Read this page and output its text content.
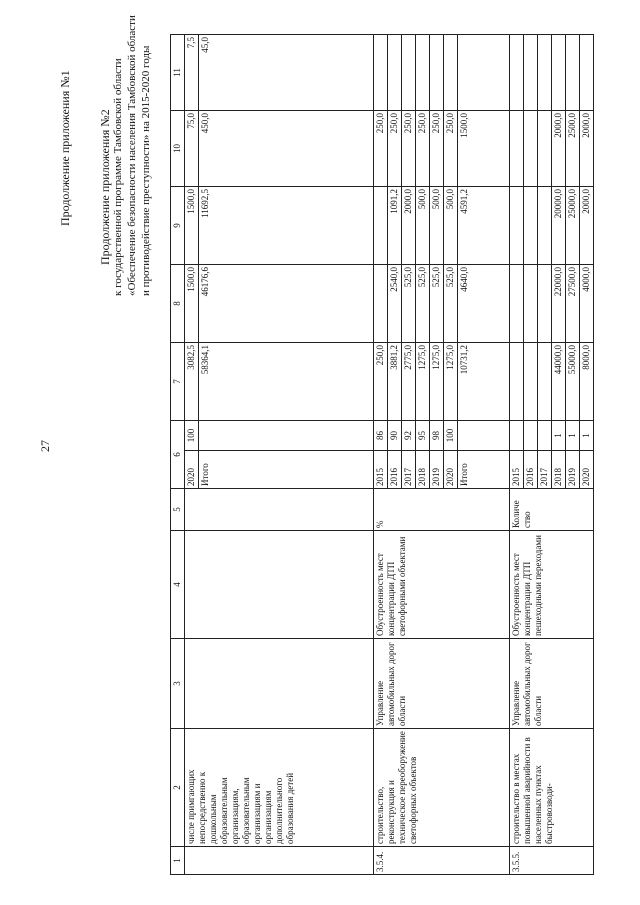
27
Продолжение приложения №1 Продолжение приложения №2 к государственной программе Тамбовской области «Обеспечение безопасности населения Тамбовской области и противодействие преступности» на 2015-2020 годы
1	2	3	4	5	6		7	8	9	10	11
	числе примгающих непосредственно к дошкольным образовательным организациям, образовательным организациям и организациям дополнительного образования детей				2020	100	3082,5	1500,0	1500,0	75,0	7,5
					Итого		58364,1	46176,6	11692,5	450,0	45,0
3.5.4.	строительство, реконструкция и техническое переоборужение светофорных объектов	Управление автомобильных дорог области	Обустроенность мест концентрации ДТП светофорными объектами	%	2015	86	250,0			250,0	
					2016	90	3881,2	2540,0	1091,2	250,0	
					2017	92	2775,0	525,0	2000,0	250,0	
					2018	95	1275,0	525,0	500,0	250,0	
					2019	98	1275,0	525,0	500,0	250,0	
					2020	100	1275,0	525,0	500,0	250,0	
					Итого		10731,2	4640,0	4591,2	1500,0	
3.5.5.	строительство в местах повышенной аварийности в населенных пунктах быстровозводи-	Управление автомобильных дорог области	Обустроенность мест концентрации ДТП пешеходными переходами	Количе ство	2015						
					2016						
					2017						
					2018	1	44000,0	22000,0	20000,0	2000,0	
					2019	1	55000,0	27500,0	25000,0	2500,0	
					2020	1	8000,0	4000,0	2000,0	2000,0	
